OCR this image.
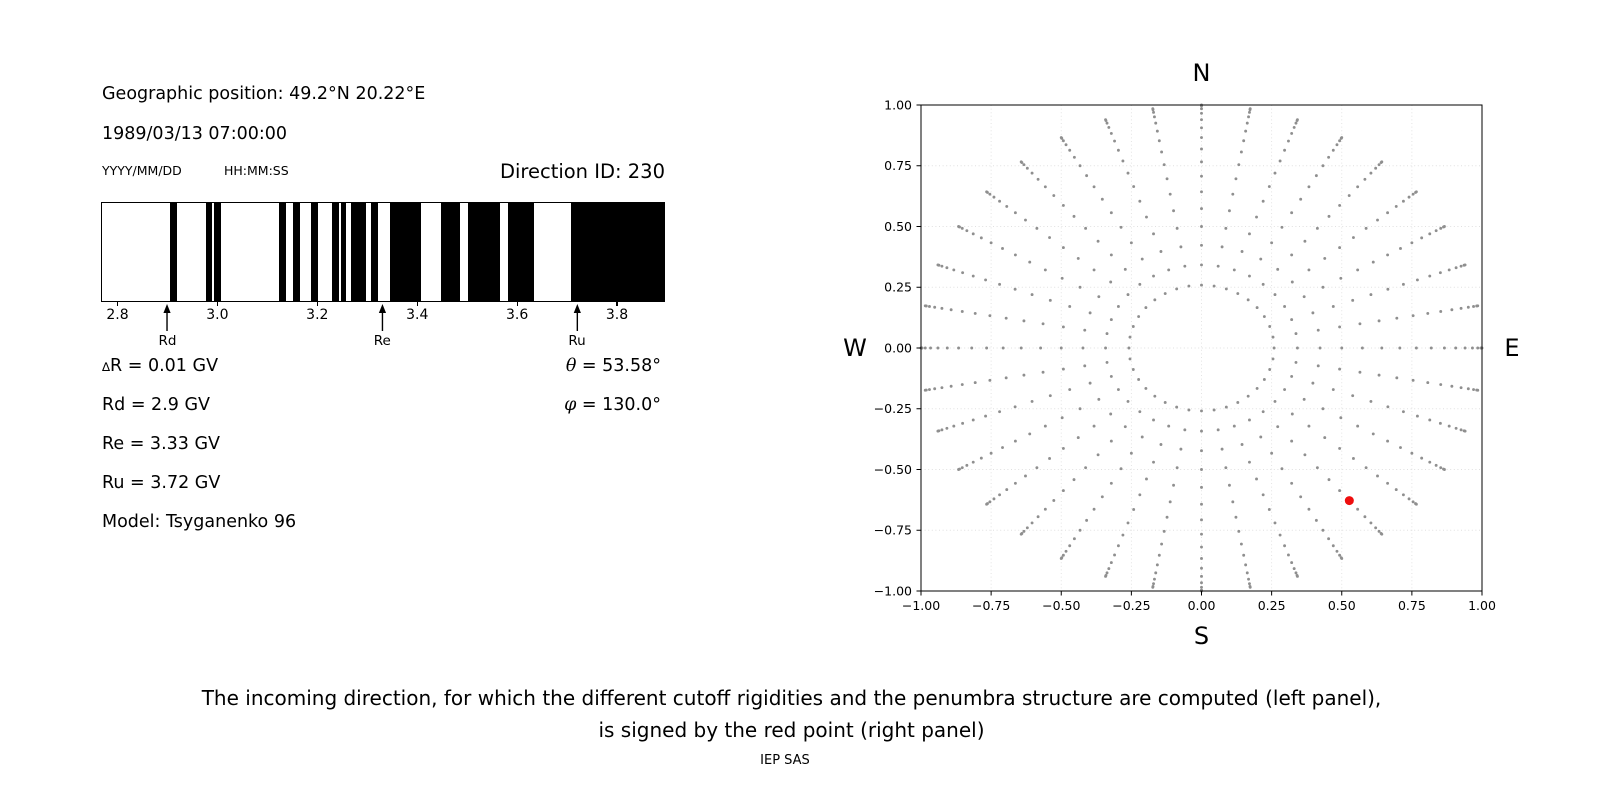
Geographic position: 49.2°N 20.22°E
1989/03/13 07:00:00
YYYY/MM/DD	HH:MM:SS	Direction ID: 230
2.8	3.0	3.2	3.4	3.6	3.8
Rd	Re	Ru
∆R = 0.01 GV
Rd = 2.9 GV
Re = 3.33 GV
Ru = 3.72 GV
Model: Tsyganenko 96
θ = 53.58°
φ = 130.0°
−1.00	−0.75	−0.50	−0.25	0.00	0.25	0.50	0.75	1.00
1.00
0.75
0.50
0.25
0.00
−0.25
−0.50
−0.75
−1.00
N
S
W	E
The incoming direction, for which the different cutoff rigidities and the penumbra structure are computed (left panel),
is signed by the red point (right panel)
IEP SAS
